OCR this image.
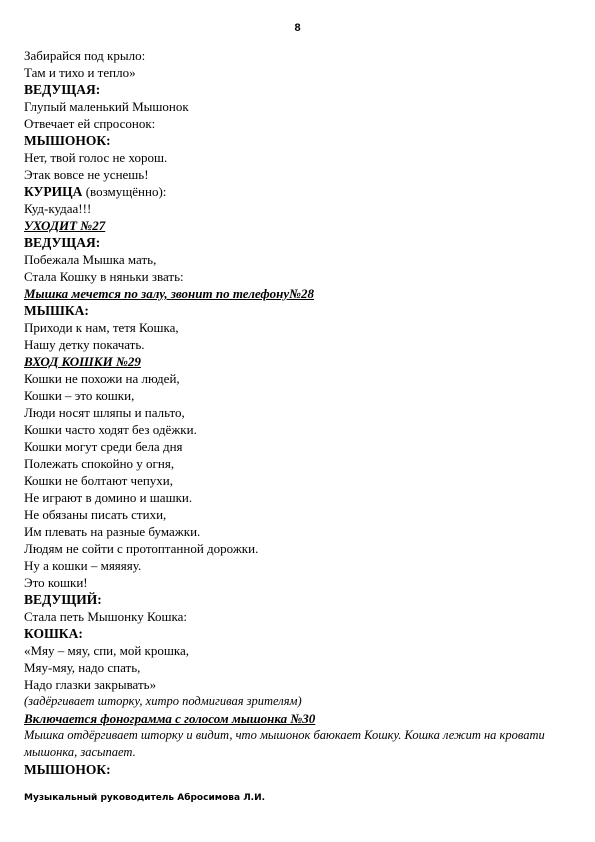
8
Забирайся под крыло:
Там и тихо и тепло»
ВЕДУЩАЯ:
Глупый маленький Мышонок
Отвечает ей спросонок:
МЫШОНОК:
Нет, твой голос не хорош.
Этак вовсе не уснешь!
КУРИЦА (возмущённо):
Куд-кудаа!!!
УХОДИТ №27
ВЕДУЩАЯ:
Побежала Мышка мать,
Стала Кошку в няньки звать:
Мышка мечется по залу, звонит по телефону№28
МЫШКА:
Приходи к нам, тетя Кошка,
Нашу детку покачать.
ВХОД КОШКИ №29
Кошки не похожи на людей,
Кошки – это кошки,
Люди носят шляпы и пальто,
Кошки часто ходят без одёжки.
Кошки могут среди бела дня
Полежать спокойно у огня,
Кошки не болтают чепухи,
Не играют в домино и шашки.
Не обязаны писать стихи,
Им плевать на разные бумажки.
Людям не сойти с протоптанной дорожки.
Ну а кошки – мяяяяу.
Это кошки!
ВЕДУЩИЙ:
Стала петь Мышонку Кошка:
КОШКА:
«Мяу – мяу, спи, мой крошка,
Мяу-мяу, надо спать,
Надо глазки закрывать»
(задёргивает шторку, хитро подмигивая зрителям)
Включается фонограмма с голосом мышонка №30
Мышка отдёргивает шторку и видит, что мышонок баюкает Кошку. Кошка лежит на кровати мышонка, засыпает.
МЫШОНОК:
Музыкальный руководитель Абросимова Л.И.
